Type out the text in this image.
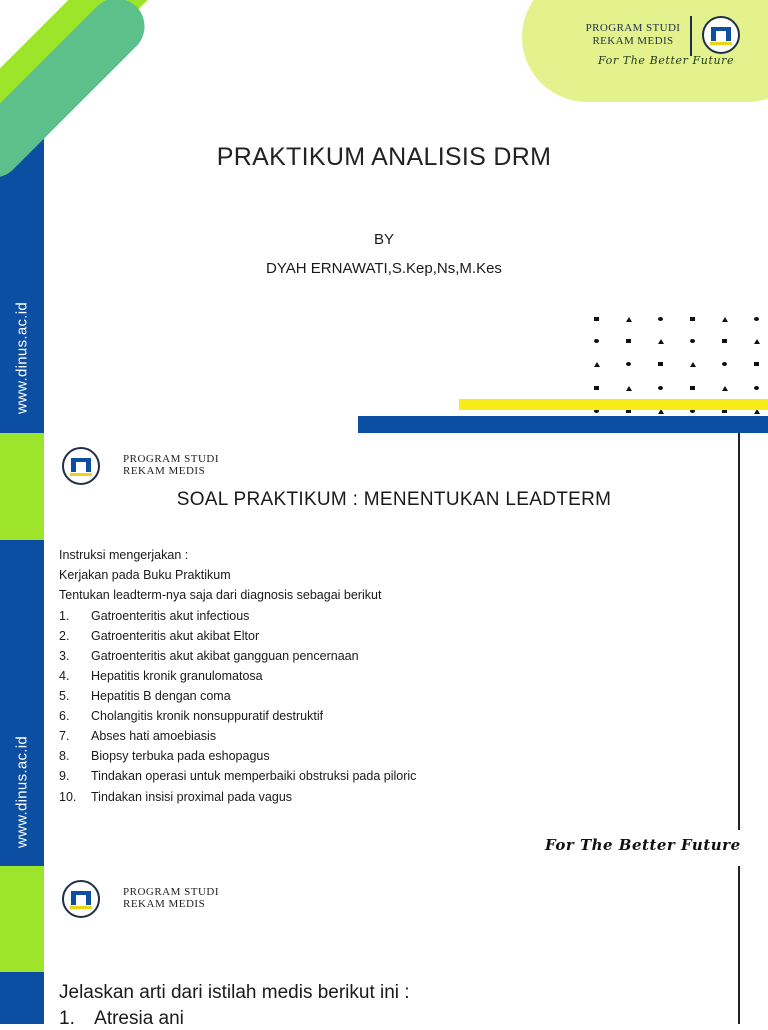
www.dinus.ac.id
www.dinus.ac.id
PROGRAM STUDI
REKAM MEDIS
For The Better Future
PRAKTIKUM ANALISIS DRM
BY
DYAH ERNAWATI,S.Kep,Ns,M.Kes
PROGRAM STUDI
REKAM MEDIS
SOAL PRAKTIKUM : MENENTUKAN LEADTERM
Instruksi mengerjakan :
Kerjakan pada Buku Praktikum
Tentukan leadterm-nya saja dari diagnosis sebagai berikut
1. Gatroenteritis akut infectious
2. Gatroenteritis akut akibat Eltor
3. Gatroenteritis akut akibat gangguan pencernaan
4. Hepatitis kronik granulomatosa
5. Hepatitis B dengan coma
6. Cholangitis kronik nonsuppuratif destruktif
7. Abses hati amoebiasis
8. Biopsy terbuka pada eshopagus
9. Tindakan operasi untuk memperbaiki obstruksi pada piloric
10. Tindakan insisi proximal pada vagus
For The Better Future
PROGRAM STUDI
REKAM MEDIS
Jelaskan arti dari istilah medis berikut ini :
1. Atresia ani
